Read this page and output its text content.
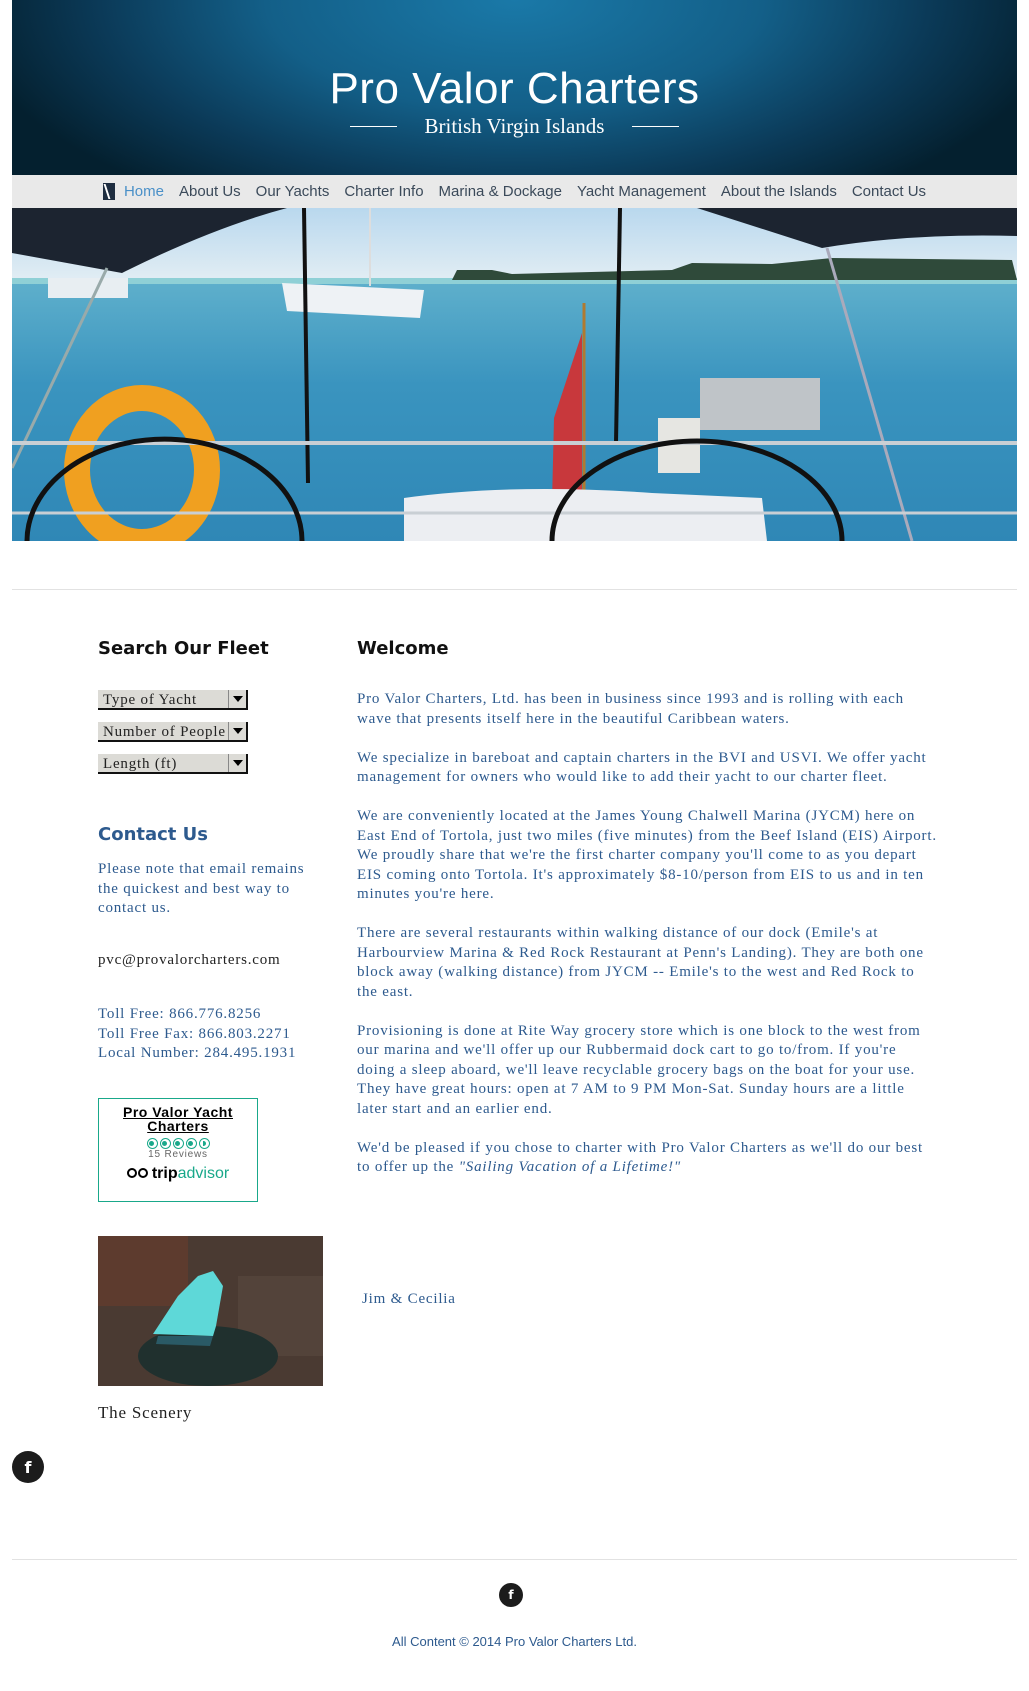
Pro Valor Charters
British Virgin Islands
Home About Us Our Yachts Charter Info Marina & Dockage Yacht Management About the Islands Contact Us
Search Our Fleet
Type of Yacht
Number of People
Length (ft)
Contact Us
Please note that email remains the quickest and best way to contact us.
pvc@provalorcharters.com
Toll Free: 866.776.8256
Toll Free Fax: 866.803.2271
Local Number: 284.495.1931
Pro Valor Yacht Charters
15 Reviews
tripadvisor
The Scenery
f
Welcome

Pro Valor Charters, Ltd. has been in business since 1993 and is rolling with each wave that presents itself here in the beautiful Caribbean waters.

We specialize in bareboat and captain charters in the BVI and USVI. We offer yacht management for owners who would like to add their yacht to our charter fleet.

We are conveniently located at the James Young Chalwell Marina (JYCM) here on East End of Tortola, just two miles (five minutes) from the Beef Island (EIS) Airport. We proudly share that we're the first charter company you'll come to as you depart EIS coming onto Tortola. It's approximately $8-10/person from EIS to us and in ten minutes you're here.

There are several restaurants within walking distance of our dock (Emile's at Harbourview Marina & Red Rock Restaurant at Penn's Landing). They are both one block away (walking distance) from JYCM -- Emile's to the west and Red Rock to the east.

Provisioning is done at Rite Way grocery store which is one block to the west from our marina and we'll offer up our Rubbermaid dock cart to go to/from. If you're doing a sleep aboard, we'll leave recyclable grocery bags on the boat for your use. They have great hours: open at 7 AM to 9 PM Mon-Sat. Sunday hours are a little later start and an earlier end.

We'd be pleased if you chose to charter with Pro Valor Charters as we'll do our best to offer up the "Sailing Vacation of a Lifetime!"

Jim & Cecilia
f
All Content © 2014 Pro Valor Charters Ltd.
